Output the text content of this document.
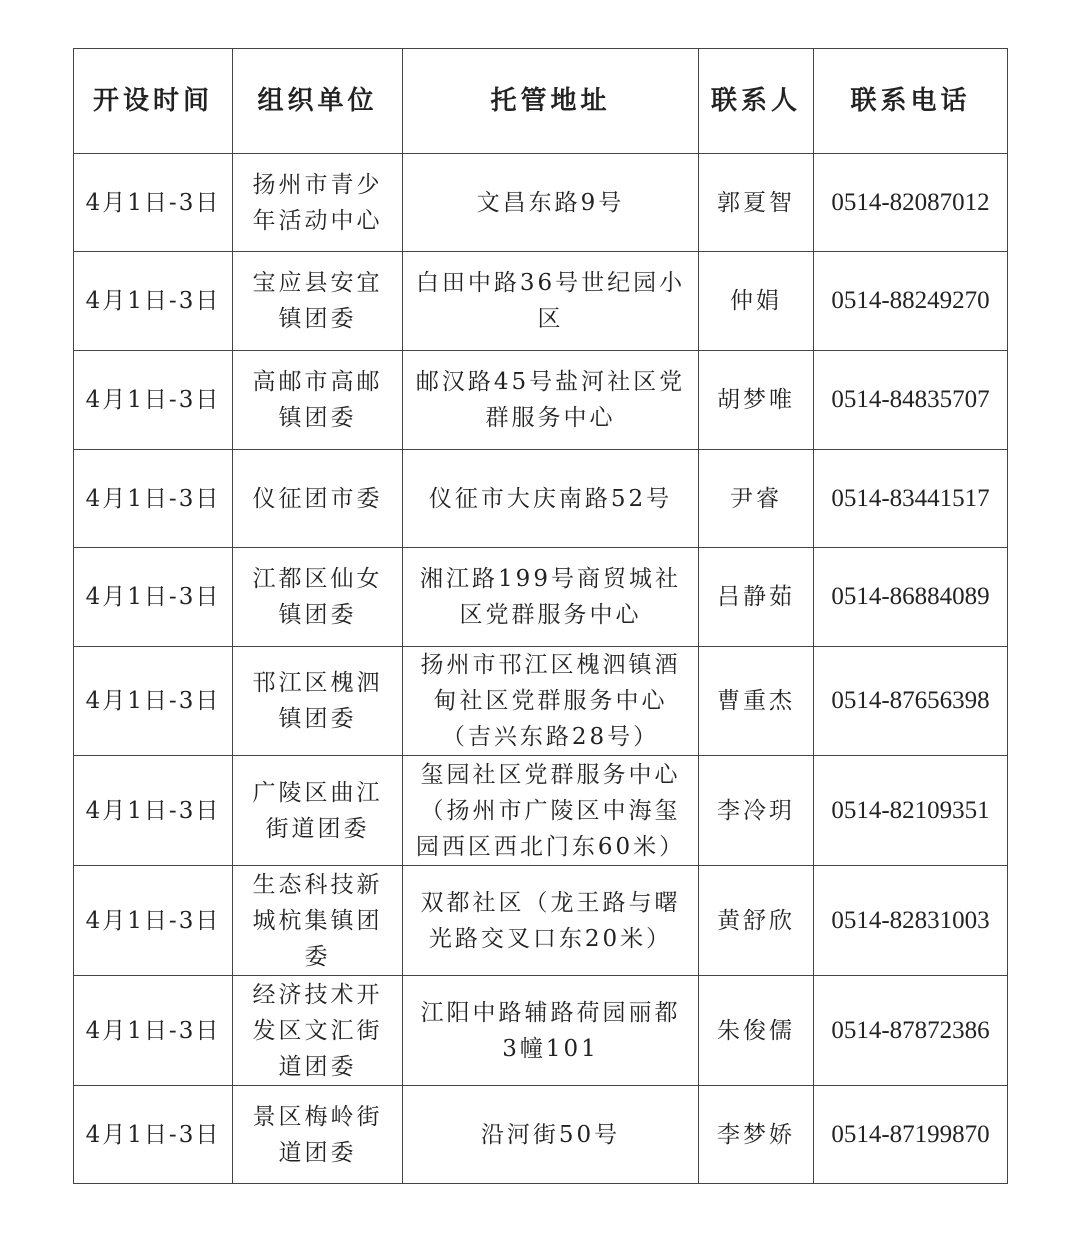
开设时间	组织单位	托管地址	联系人	联系电话
4月1日-3日	扬州市青少年活动中心	文昌东路9号	郭夏智	0514-82087012
4月1日-3日	宝应县安宜镇团委	白田中路36号世纪园小区	仲娟	0514-88249270
4月1日-3日	高邮市高邮镇团委	邮汉路45号盐河社区党群服务中心	胡梦唯	0514-84835707
4月1日-3日	仪征团市委	仪征市大庆南路52号	尹睿	0514-83441517
4月1日-3日	江都区仙女镇团委	湘江路199号商贸城社区党群服务中心	吕静茹	0514-86884089
4月1日-3日	邗江区槐泗镇团委	扬州市邗江区槐泗镇酒甸社区党群服务中心（吉兴东路28号）	曹重杰	0514-87656398
4月1日-3日	广陵区曲江街道团委	玺园社区党群服务中心（扬州市广陵区中海玺园西区西北门东60米）	李冷玥	0514-82109351
4月1日-3日	生态科技新城杭集镇团委	双都社区（龙王路与曙光路交叉口东20米）	黄舒欣	0514-82831003
4月1日-3日	经济技术开发区文汇街道团委	江阳中路辅路荷园丽都3幢101	朱俊儒	0514-87872386
4月1日-3日	景区梅岭街道团委	沿河街50号	李梦娇	0514-87199870
